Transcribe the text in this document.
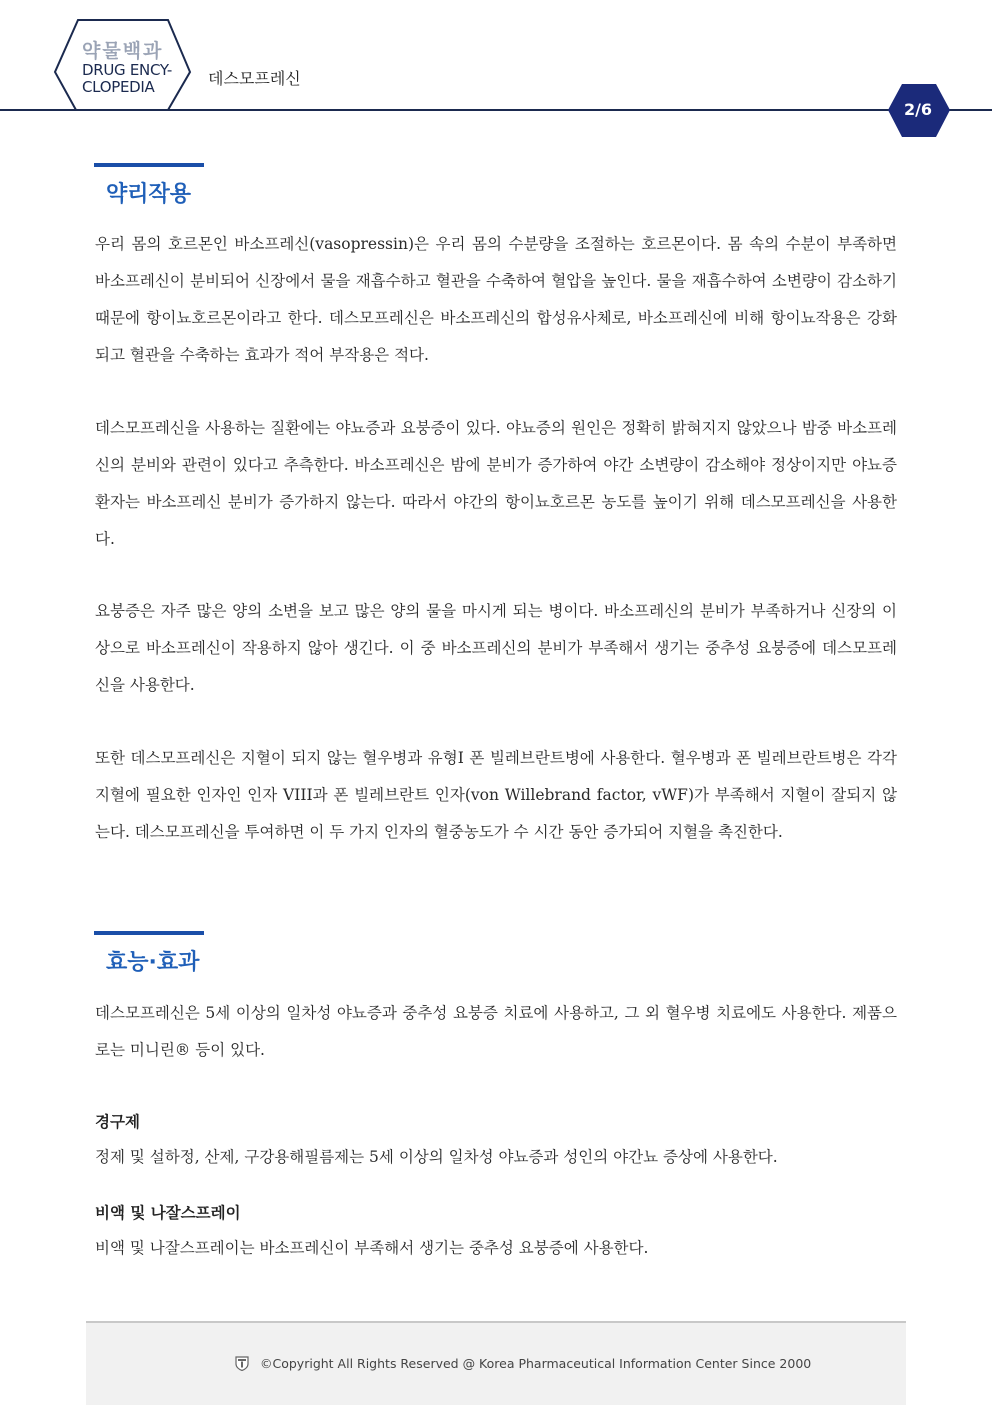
약물백과
DRUG ENCY-
CLOPEDIA	데스모프레신
2/6
약리작용
우리 몸의 호르몬인 바소프레신(vasopressin)은 우리 몸의 수분량을 조절하는 호르몬이다. 몸 속의 수분이 부족하면 바소프레신이 분비되어 신장에서 물을 재흡수하고 혈관을 수축하여 혈압을 높인다. 물을 재흡수하여 소변량이 감소하기 때문에 항이뇨호르몬이라고 한다. 데스모프레신은 바소프레신의 합성유사체로, 바소프레신에 비해 항이뇨작용은 강화되고 혈관을 수축하는 효과가 적어 부작용은 적다.
데스모프레신을 사용하는 질환에는 야뇨증과 요붕증이 있다. 야뇨증의 원인은 정확히 밝혀지지 않았으나 밤중 바소프레신의 분비와 관련이 있다고 추측한다. 바소프레신은 밤에 분비가 증가하여 야간 소변량이 감소해야 정상이지만 야뇨증 환자는 바소프레신 분비가 증가하지 않는다. 따라서 야간의 항이뇨호르몬 농도를 높이기 위해 데스모프레신을 사용한다.
요붕증은 자주 많은 양의 소변을 보고 많은 양의 물을 마시게 되는 병이다. 바소프레신의 분비가 부족하거나 신장의 이상으로 바소프레신이 작용하지 않아 생긴다. 이 중 바소프레신의 분비가 부족해서 생기는 중추성 요붕증에 데스모프레신을 사용한다.
또한 데스모프레신은 지혈이 되지 않는 혈우병과 유형I 폰 빌레브란트병에 사용한다. 혈우병과 폰 빌레브란트병은 각각 지혈에 필요한 인자인 인자 VIII과 폰 빌레브란트 인자(von Willebrand factor, vWF)가 부족해서 지혈이 잘되지 않는다. 데스모프레신을 투여하면 이 두 가지 인자의 혈중농도가 수 시간 동안 증가되어 지혈을 촉진한다.
효능·효과
데스모프레신은 5세 이상의 일차성 야뇨증과 중추성 요붕증 치료에 사용하고, 그 외 혈우병 치료에도 사용한다. 제품으로는 미니린® 등이 있다.
경구제
정제 및 설하정, 산제, 구강용해필름제는 5세 이상의 일차성 야뇨증과 성인의 야간뇨 증상에 사용한다.
비액 및 나잘스프레이
비액 및 나잘스프레이는 바소프레신이 부족해서 생기는 중추성 요붕증에 사용한다.
©Copyright All Rights Reserved @ Korea Pharmaceutical Information Center Since 2000
